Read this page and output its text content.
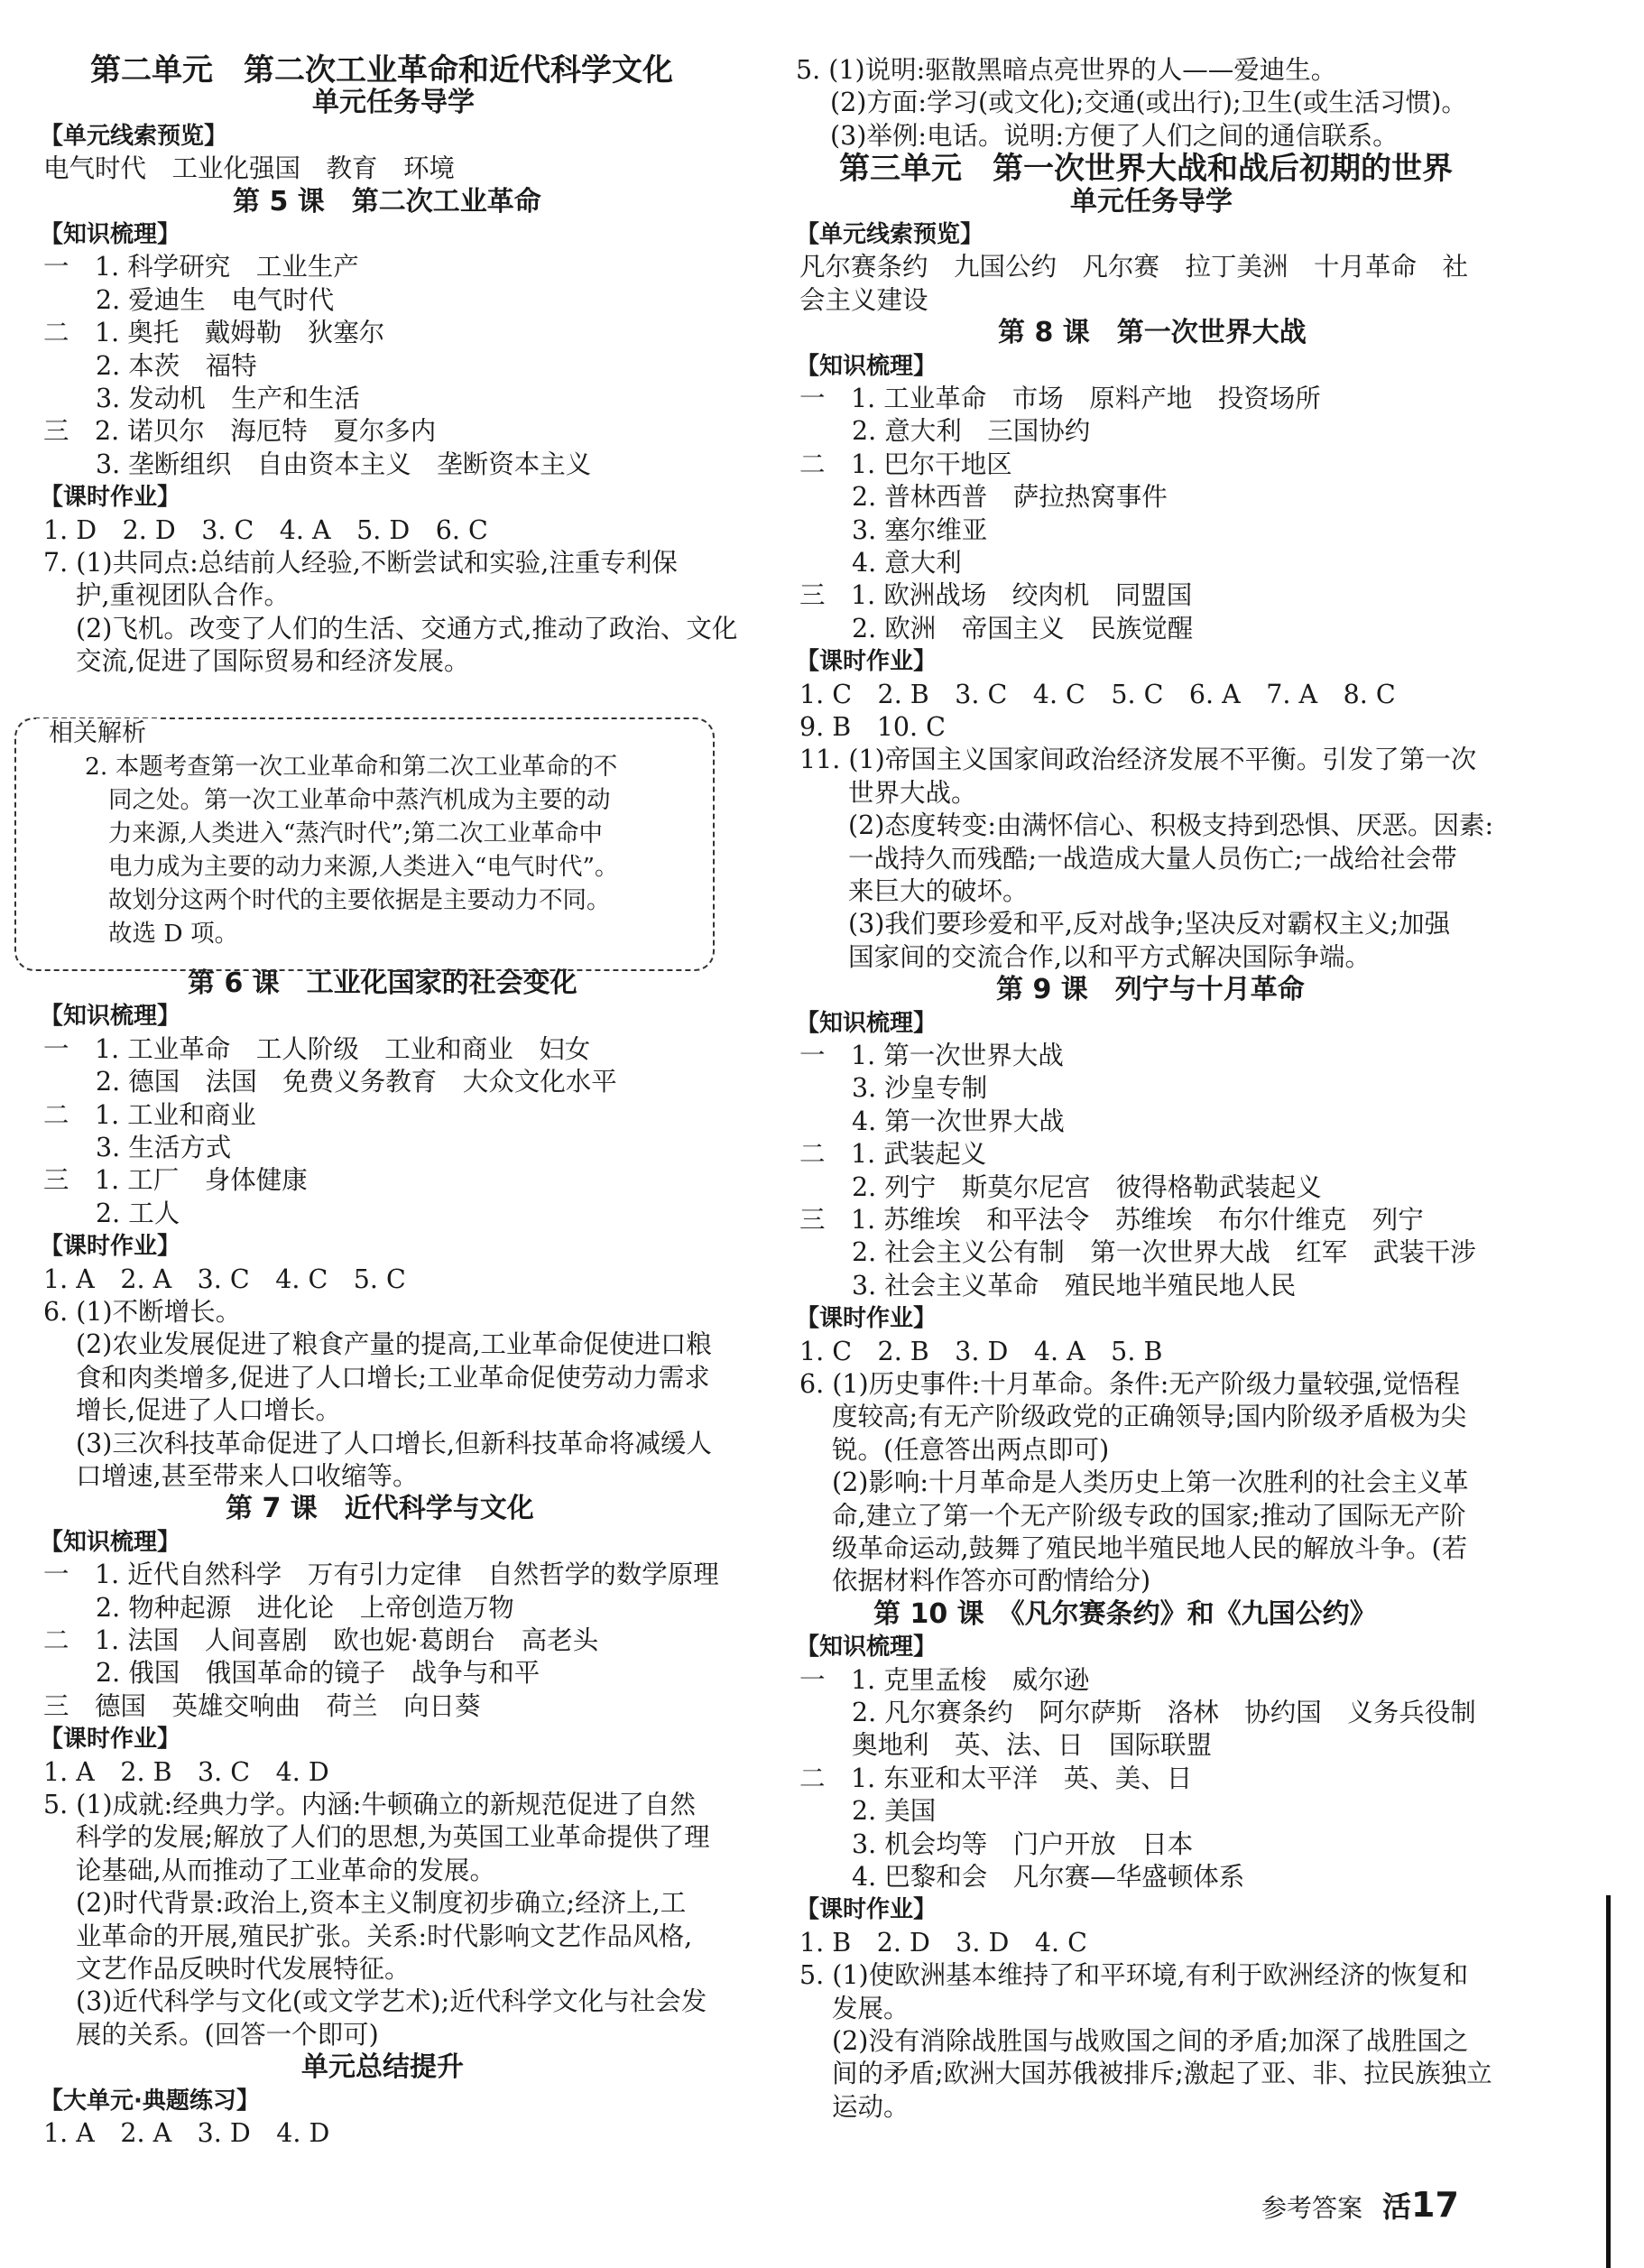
第二单元　第二次工业革命和近代科学文化
单元任务导学
【单元线索预览】
电气时代　工业化强国　教育　环境
第 5 课　第二次工业革命
【知识梳理】
一　1. 科学研究　工业生产
2. 爱迪生　电气时代
二　1. 奥托　戴姆勒　狄塞尔
2. 本茨　福特
3. 发动机　生产和生活
三　2. 诺贝尔　海厄特　夏尔多内
3. 垄断组织　自由资本主义　垄断资本主义
【课时作业】
1. D　2. D　3. C　4. A　5. D　6. C
7. (1)共同点:总结前人经验,不断尝试和实验,注重专利保
护,重视团队合作。
(2)飞机。改变了人们的生活、交通方式,推动了政治、文化
交流,促进了国际贸易和经济发展。
2. 本题考查第一次工业革命和第二次工业革命的不
同之处。第一次工业革命中蒸汽机成为主要的动
力来源,人类进入“蒸汽时代”;第二次工业革命中
电力成为主要的动力来源,人类进入“电气时代”。
故划分这两个时代的主要依据是主要动力不同。
故选 D 项。
第 6 课　工业化国家的社会变化
【知识梳理】
一　1. 工业革命　工人阶级　工业和商业　妇女
2. 德国　法国　免费义务教育　大众文化水平
二　1. 工业和商业
3. 生活方式
三　1. 工厂　身体健康
2. 工人
【课时作业】
1. A　2. A　3. C　4. C　5. C
6. (1)不断增长。
(2)农业发展促进了粮食产量的提高,工业革命促使进口粮
食和肉类增多,促进了人口增长;工业革命促使劳动力需求
增长,促进了人口增长。
(3)三次科技革命促进了人口增长,但新科技革命将减缓人
口增速,甚至带来人口收缩等。
第 7 课　近代科学与文化
【知识梳理】
一　1. 近代自然科学　万有引力定律　自然哲学的数学原理
2. 物种起源　进化论　上帝创造万物
二　1. 法国　人间喜剧　欧也妮·葛朗台　高老头
2. 俄国　俄国革命的镜子　战争与和平
三　德国　英雄交响曲　荷兰　向日葵
【课时作业】
1. A　2. B　3. C　4. D
5. (1)成就:经典力学。内涵:牛顿确立的新规范促进了自然
科学的发展;解放了人们的思想,为英国工业革命提供了理
论基础,从而推动了工业革命的发展。
(2)时代背景:政治上,资本主义制度初步确立;经济上,工
业革命的开展,殖民扩张。关系:时代影响文艺作品风格,
文艺作品反映时代发展特征。
(3)近代科学与文化(或文学艺术);近代科学文化与社会发
展的关系。(回答一个即可)
单元总结提升
【大单元·典题练习】
1. A　2. A　3. D　4. D
5. (1)说明:驱散黑暗点亮世界的人——爱迪生。
(2)方面:学习(或文化);交通(或出行);卫生(或生活习惯)。
(3)举例:电话。说明:方便了人们之间的通信联系。
第三单元　第一次世界大战和战后初期的世界
单元任务导学
【单元线索预览】
凡尔赛条约　九国公约　凡尔赛　拉丁美洲　十月革命　社
会主义建设
第 8 课　第一次世界大战
【知识梳理】
一　1. 工业革命　市场　原料产地　投资场所
2. 意大利　三国协约
二　1. 巴尔干地区
2. 普林西普　萨拉热窝事件
3. 塞尔维亚
4. 意大利
三　1. 欧洲战场　绞肉机　同盟国
2. 欧洲　帝国主义　民族觉醒
【课时作业】
1. C　2. B　3. C　4. C　5. C　6. A　7. A　8. C
9. B　10. C
11. (1)帝国主义国家间政治经济发展不平衡。引发了第一次
世界大战。
(2)态度转变:由满怀信心、积极支持到恐惧、厌恶。因素:
一战持久而残酷;一战造成大量人员伤亡;一战给社会带
来巨大的破坏。
(3)我们要珍爱和平,反对战争;坚决反对霸权主义;加强
国家间的交流合作,以和平方式解决国际争端。
第 9 课　列宁与十月革命
【知识梳理】
一　1. 第一次世界大战
3. 沙皇专制
4. 第一次世界大战
二　1. 武装起义
2. 列宁　斯莫尔尼宫　彼得格勒武装起义
三　1. 苏维埃　和平法令　苏维埃　布尔什维克　列宁
2. 社会主义公有制　第一次世界大战　红军　武装干涉
3. 社会主义革命　殖民地半殖民地人民
【课时作业】
1. C　2. B　3. D　4. A　5. B
6. (1)历史事件:十月革命。条件:无产阶级力量较强,觉悟程
度较高;有无产阶级政党的正确领导;国内阶级矛盾极为尖
锐。(任意答出两点即可)
(2)影响:十月革命是人类历史上第一次胜利的社会主义革
命,建立了第一个无产阶级专政的国家;推动了国际无产阶
级革命运动,鼓舞了殖民地半殖民地人民的解放斗争。(若
依据材料作答亦可酌情给分)
第 10 课　《凡尔赛条约》和《九国公约》
【知识梳理】
一　1. 克里孟梭　威尔逊
2. 凡尔赛条约　阿尔萨斯　洛林　协约国　义务兵役制
奥地利　英、法、日　国际联盟
二　1. 东亚和太平洋　英、美、日
2. 美国
3. 机会均等　门户开放　日本
4. 巴黎和会　凡尔赛—华盛顿体系
【课时作业】
1. B　2. D　3. D　4. C
5. (1)使欧洲基本维持了和平环境,有利于欧洲经济的恢复和
发展。
(2)没有消除战胜国与战败国之间的矛盾;加深了战胜国之
间的矛盾;欧洲大国苏俄被排斥;激起了亚、非、拉民族独立
运动。
相关解析
参考答案 活17
